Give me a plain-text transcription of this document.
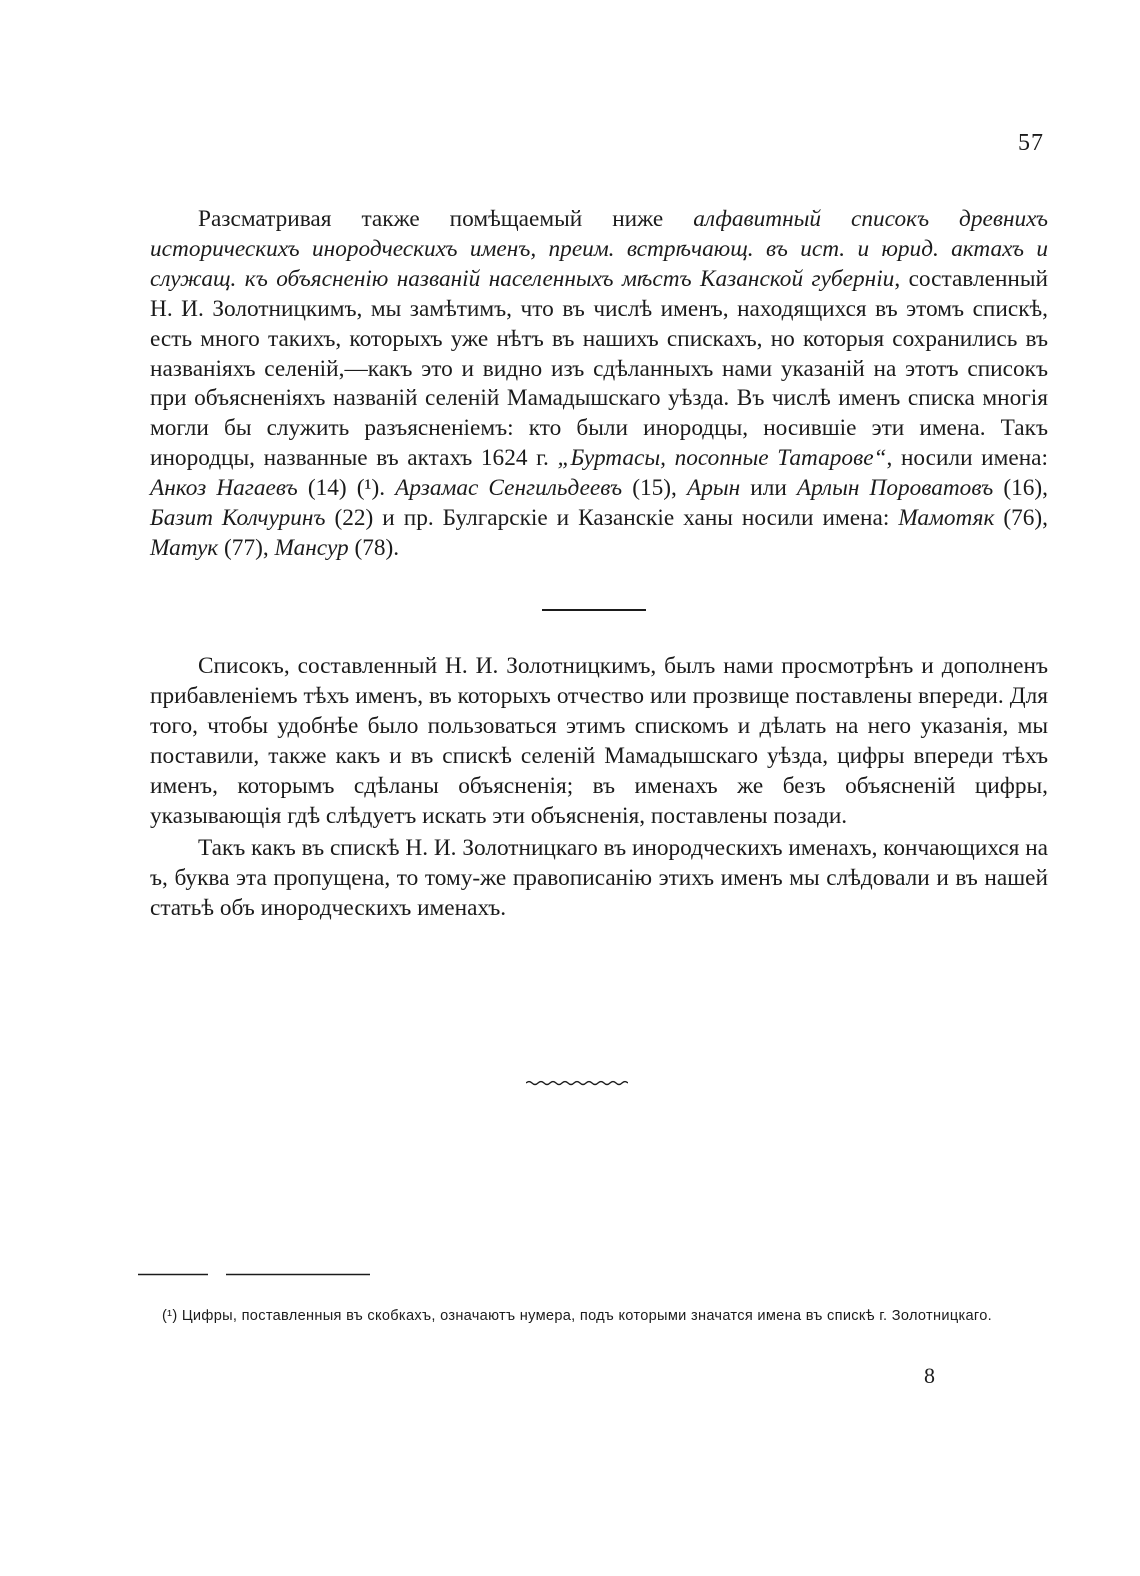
57

Разсматривая также помѣщаемый ниже алфавитный списокъ древнихъ историческихъ инородческихъ именъ, преим. встрѣчающ. въ ист. и юрид. актахъ и служащ. къ объясненію названій населенныхъ мѣстъ Казанской губерніи, составленный Н. И. Золотницкимъ, мы замѣтимъ, что въ числѣ именъ, находящихся въ этомъ спискѣ, есть много такихъ, которыхъ уже нѣтъ въ нашихъ спискахъ, но которыя сохранились въ названіяхъ селеній,—какъ это и видно изъ сдѣланныхъ нами указаній на этотъ списокъ при объясненіяхъ названій селеній Мамадышскаго уѣзда. Въ числѣ именъ списка многія могли бы служить разъясненіемъ: кто были инородцы, носившіе эти имена. Такъ инородцы, названные въ актахъ 1624 г. „Буртасы, посопные Татарове“, носили имена: Анкоз Нагаевъ (14) (¹). Арзамас Сенгильдеевъ (15), Арын или Арлын Пороватовъ (16), Базит Колчуринъ (22) и пр. Булгарскіе и Казанскіе ханы носили имена: Мамотяк (76), Матук (77), Мансур (78).

Списокъ, составленный Н. И. Золотницкимъ, былъ нами просмотрѣнъ и дополненъ прибавленіемъ тѣхъ именъ, въ которыхъ отчество или прозвище поставлены впереди. Для того, чтобы удобнѣе было пользоваться этимъ спискомъ и дѣлать на него указанія, мы поставили, также какъ и въ спискѣ селеній Мамадышскаго уѣзда, цифры впереди тѣхъ именъ, которымъ сдѣланы объясненія; въ именахъ же безъ объясненій цифры, указывающія гдѣ слѣдуетъ искать эти объясненія, поставлены позади.

Такъ какъ въ спискѣ Н. И. Золотницкаго въ инородческихъ именахъ, кончающихся на ъ, буква эта пропущена, то тому-же правописанію этихъ именъ мы слѣдовали и въ нашей статьѣ объ инородческихъ именахъ.

(¹) Цифры, поставленныя въ скобкахъ, означаютъ нумера, подъ которыми значатся имена въ спискѣ г. Золотницкаго.

8
